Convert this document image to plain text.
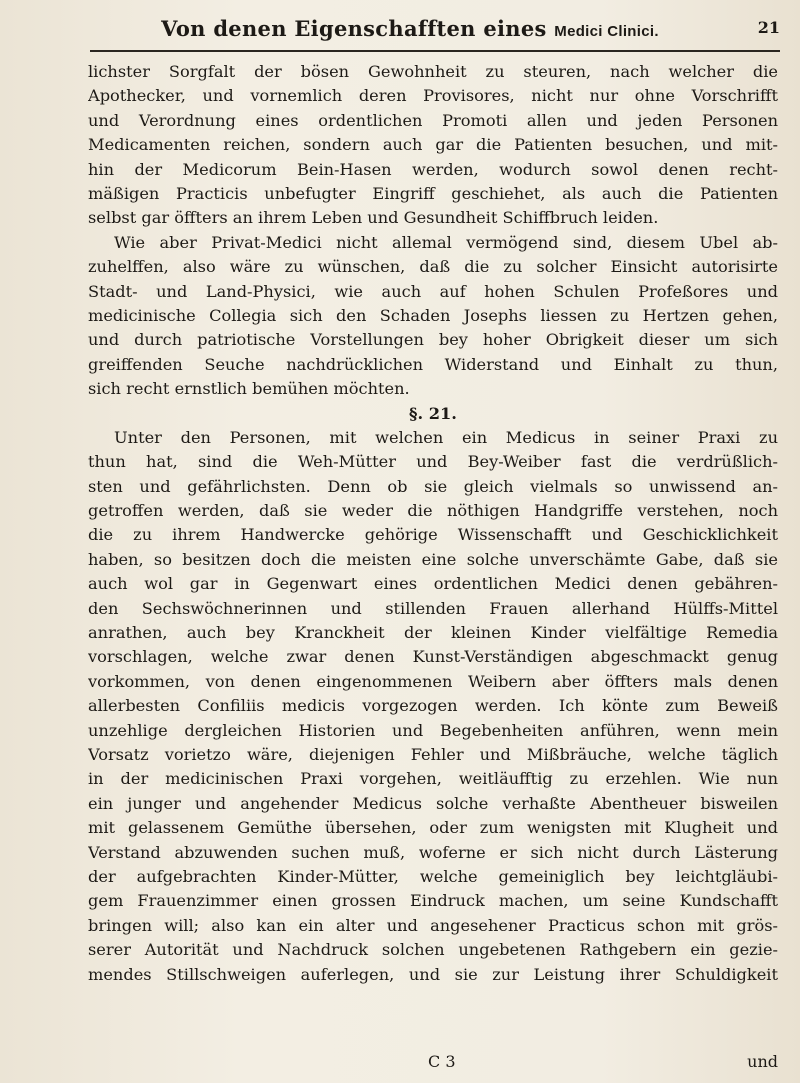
Von denen Eigenschafften eines Medici Clinici.	21

lichster Sorgfalt der bösen Gewohnheit zu steuren, nach welcher die
Apothecker, und vornemlich deren Provisores, nicht nur ohne Vorschrifft
und Verordnung eines ordentlichen Promoti allen und jeden Personen
Medicamenten reichen, sondern auch gar die Patienten besuchen, und mit-
hin der Medicorum Bein-Hasen werden, wodurch sowol denen recht-
mäßigen Practicis unbefugter Eingriff geschiehet, als auch die Patienten
selbst gar öffters an ihrem Leben und Gesundheit Schiffbruch leiden.
Wie aber Privat-Medici nicht allemal vermögend sind, diesem Ubel ab-
zuhelffen, also wäre zu wünschen, daß die zu solcher Einsicht autorisirte
Stadt- und Land-Physici, wie auch auf hohen Schulen Profeßores und
medicinische Collegia sich den Schaden Josephs liessen zu Hertzen gehen,
und durch patriotische Vorstellungen bey hoher Obrigkeit dieser um sich
greiffenden Seuche nachdrücklichen Widerstand und Einhalt zu thun,
sich recht ernstlich bemühen möchten.

§. 21.

Unter den Personen, mit welchen ein Medicus in seiner Praxi zu
thun hat, sind die Weh-Mütter und Bey-Weiber fast die verdrüßlich-
sten und gefährlichsten. Denn ob sie gleich vielmals so unwissend an-
getroffen werden, daß sie weder die nöthigen Handgriffe verstehen, noch
die zu ihrem Handwercke gehörige Wissenschafft und Geschicklichkeit
haben, so besitzen doch die meisten eine solche unverschämte Gabe, daß sie
auch wol gar in Gegenwart eines ordentlichen Medici denen gebähren-
den Sechswöchnerinnen und stillenden Frauen allerhand Hülffs-Mittel
anrathen, auch bey Kranckheit der kleinen Kinder vielfältige Remedia
vorschlagen, welche zwar denen Kunst-Verständigen abgeschmackt genug
vorkommen, von denen eingenommenen Weibern aber öffters mals denen
allerbesten Confiliis medicis vorgezogen werden. Ich könte zum Beweiß
unzehlige dergleichen Historien und Begebenheiten anführen, wenn mein
Vorsatz vorietzo wäre, diejenigen Fehler und Mißbräuche, welche täglich
in der medicinischen Praxi vorgehen, weitläufftig zu erzehlen. Wie nun
ein junger und angehender Medicus solche verhaßte Abentheuer bisweilen
mit gelassenem Gemüthe übersehen, oder zum wenigsten mit Klugheit und
Verstand abzuwenden suchen muß, woferne er sich nicht durch Lästerung
der aufgebrachten Kinder-Mütter, welche gemeiniglich bey leichtgläubi-
gem Frauenzimmer einen grossen Eindruck machen, um seine Kundschafft
bringen will; also kan ein alter und angesehener Practicus schon mit grös-
serer Autorität und Nachdruck solchen ungebetenen Rathgebern ein gezie-
mendes Stillschweigen auferlegen, und sie zur Leistung ihrer Schuldigkeit

C 3	und
